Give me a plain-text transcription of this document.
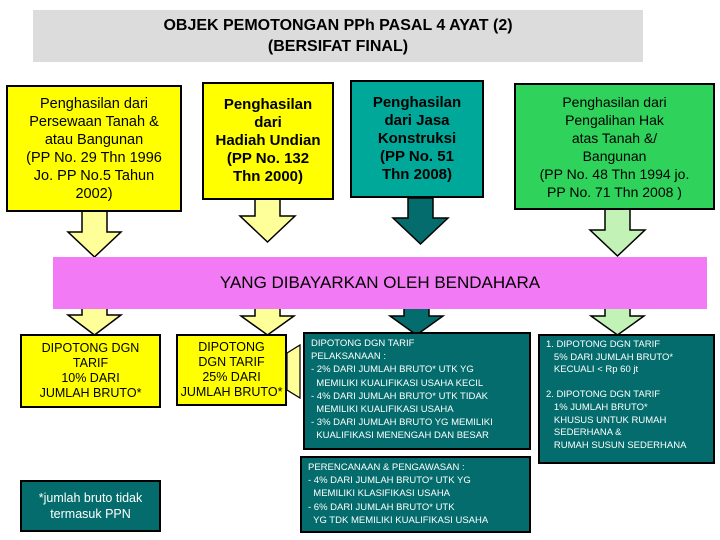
OBJEK PEMOTONGAN PPh PASAL 4 AYAT (2)
(BERSIFAT FINAL)
Penghasilan dari
Persewaan Tanah &
atau Bangunan
(PP No. 29 Thn 1996
Jo. PP No.5 Tahun
2002)
Penghasilan
dari
Hadiah Undian
(PP No. 132
Thn 2000)
Penghasilan
dari Jasa
Konstruksi
(PP No. 51
Thn 2008)
Penghasilan dari
Pengalihan Hak
atas Tanah &/
Bangunan
(PP No. 48 Thn 1994 jo.
PP No. 71 Thn 2008 )
YANG DIBAYARKAN OLEH BENDAHARA
DIPOTONG DGN
TARIF
10% DARI
JUMLAH BRUTO*
DIPOTONG
DGN TARIF
25% DARI
JUMLAH BRUTO*
DIPOTONG DGN TARIF
PELAKSANAAN :
- 2% DARI JUMLAH BRUTO* UTK YG
MEMILIKI KUALIFIKASI USAHA KECIL
- 4% DARI JUMLAH BRUTO* UTK TIDAK
MEMILIKI KUALIFIKASI USAHA
- 3% DARI JUMLAH BRUTO YG MEMILIKI
KUALIFIKASI MENENGAH DAN BESAR
PERENCANAAN & PENGAWASAN :
- 4% DARI JUMLAH BRUTO* UTK YG
MEMILIKI KLASIFIKASI USAHA
- 6% DARI JUMLAH BRUTO* UTK
YG TDK MEMILIKI KUALIFIKASI USAHA
1. DIPOTONG DGN TARIF
5% DARI JUMLAH BRUTO*
KECUALI < Rp 60 jt
2. DIPOTONG DGN TARIF
1% JUMLAH BRUTO*
KHUSUS UNTUK RUMAH
SEDERHANA &
RUMAH SUSUN SEDERHANA
*jumlah bruto tidak
termasuk PPN
